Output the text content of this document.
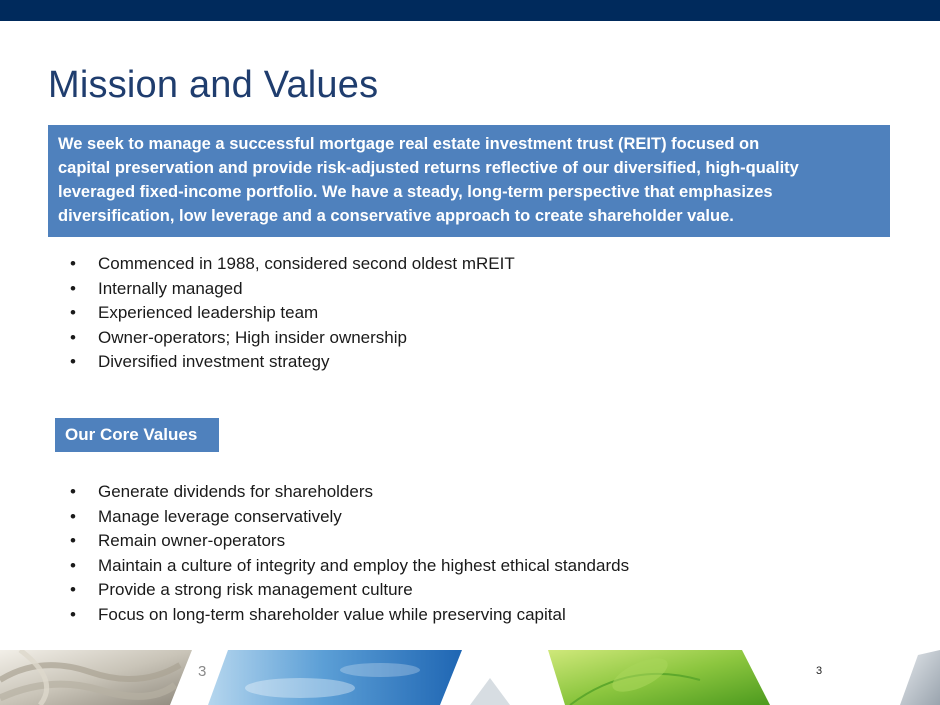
Mission and Values

We seek to manage a successful mortgage real estate investment trust (REIT) focused on

capital preservation and provide risk-adjusted returns reflective of our diversified, high-quality

leveraged fixed-income portfolio. We have a steady, long-term perspective that emphasizes

diversification, low leverage and a conservative approach to create shareholder value.

• Commenced in 1988, considered second oldest mREIT
• Internally managed
• Experienced leadership team
• Owner-operators; High insider ownership
• Diversified investment strategy
Our Core Values
• Generate dividends for shareholders
• Manage leverage conservatively
• Remain owner-operators
• Maintain a culture of integrity and employ the highest ethical standards
• Provide a strong risk management culture
• Focus on long-term shareholder value while preserving capital
3	3
